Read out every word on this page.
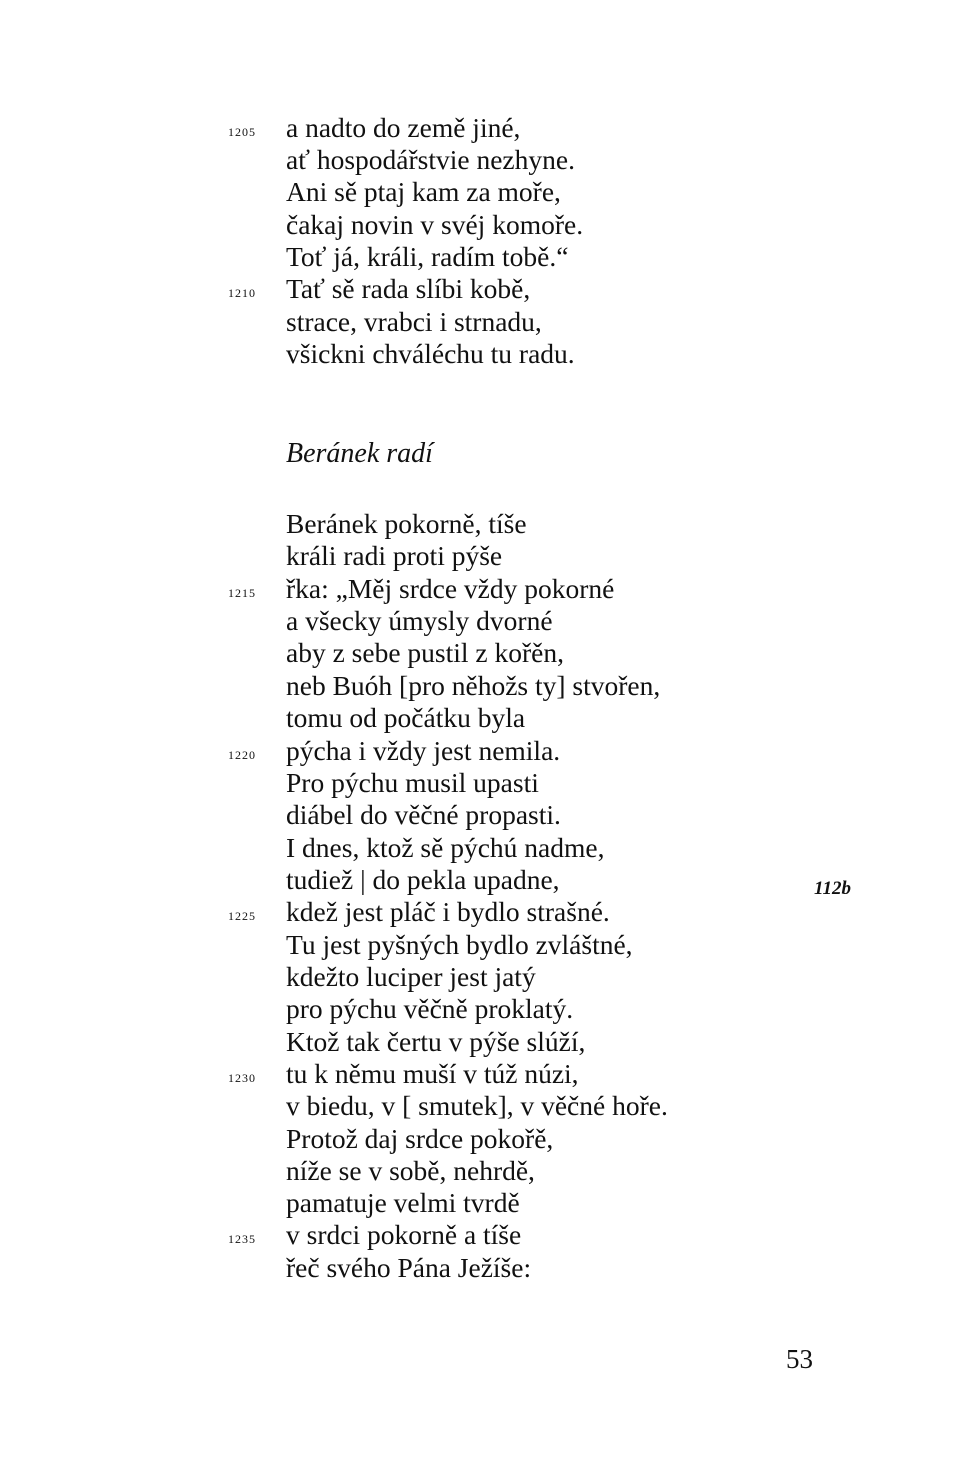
1205
1210
a nadto do země jiné,
ať hospodářstvie nezhyne.
Ani sě ptaj kam za moře,
čakaj novin v svéj komoře.
Toť já, králi, radím tobě.“
Tať sě rada slíbi kobě,
strace, vrabci i strnadu,
všickni chváléchu tu radu.
Beránek radí
1215
1220
1225
1230
1235
Beránek pokorně, tíše
králi radi proti pýše
řka: „Měj srdce vždy pokorné
a všecky úmysly dvorné
aby z sebe pustil z kořěn,
neb Buóh [pro něhožs ty] stvořen,
tomu od počátku byla
pýcha i vždy jest nemila.
Pro pýchu musil upasti
diábel do věčné propasti.
I dnes, ktož sě pýchú nadme,
tudiež | do pekla upadne,
kdež jest pláč i bydlo strašné.
Tu jest pyšných bydlo zvláštné,
kdežto luciper jest jatý
pro pýchu věčně proklatý.
Ktož tak čertu v pýše slúží,
tu k němu muší v túž núzi,
v biedu, v [ smutek], v věčné hoře.
Protož daj srdce pokořě,
níže se v sobě, nehrdě,
pamatuje velmi tvrdě
v srdci pokorně a tíše
řeč svého Pána Ježíše:
112b
53
